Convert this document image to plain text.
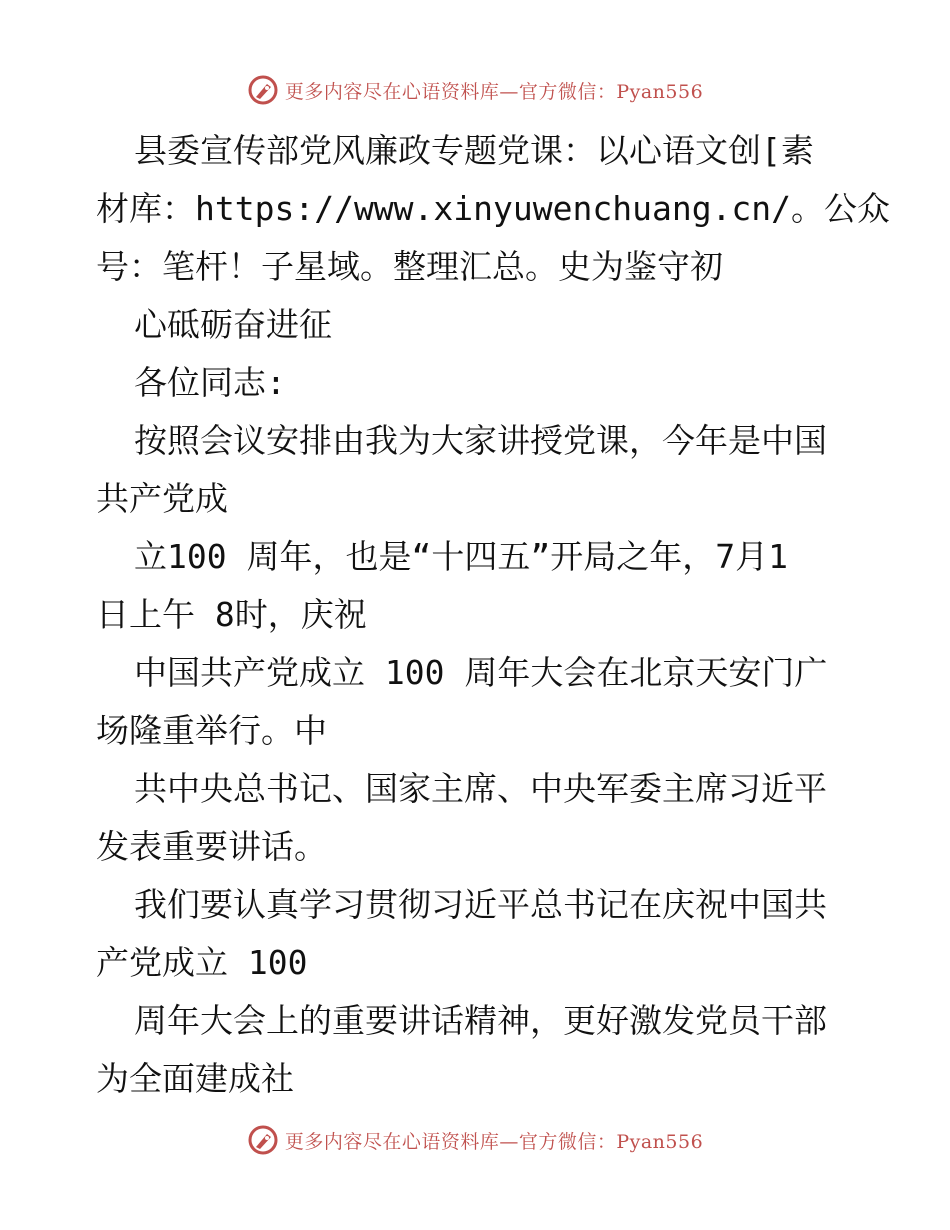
更多内容尽在心语资料库—官方微信：Pyan556
县委宣传部党风廉政专题党课：以心语文创[素
材库：https://www.xinyuwenchuang.cn/。公众
号：笔杆！子星域。整理汇总。史为鉴守初
心砥砺奋进征
各位同志:
按照会议安排由我为大家讲授党课，今年是中国
共产党成
立100 周年，也是“十四五”开局之年，7月1
日上午 8时，庆祝
中国共产党成立 100 周年大会在北京天安门广
场隆重举行。中
共中央总书记、国家主席、中央军委主席习近平
发表重要讲话。
我们要认真学习贯彻习近平总书记在庆祝中国共
产党成立 100
周年大会上的重要讲话精神，更好激发党员干部
为全面建成社
更多内容尽在心语资料库—官方微信：Pyan556
